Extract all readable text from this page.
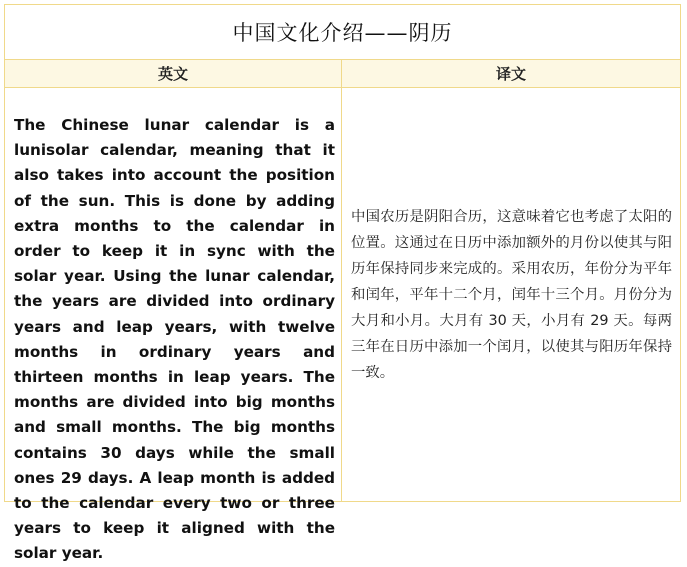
中国文化介绍——阴历
英文	译文
The Chinese lunar calendar is a lunisolar calendar, meaning that it also takes into account the position of the sun. This is done by adding extra months to the calendar in order to keep it in sync with the solar year. Using the lunar calendar, the years are divided into ordinary years and leap years, with twelve months in ordinary years and thirteen months in leap years. The months are divided into big months and small months. The big months contains 30 days while the small ones 29 days. A leap month is added to the calendar every two or three years to keep it aligned with the solar year.

中国农历是阴阳合历，这意味着它也考虑了太阳的位置。这通过在日历中添加额外的月份以使其与阳历年保持同步来完成的。采用农历，年份分为平年和闰年，平年十二个月，闰年十三个月。月份分为大月和小月。大月有 30 天，小月有 29 天。每两三年在日历中添加一个闰月，以使其与阳历年保持一致。
